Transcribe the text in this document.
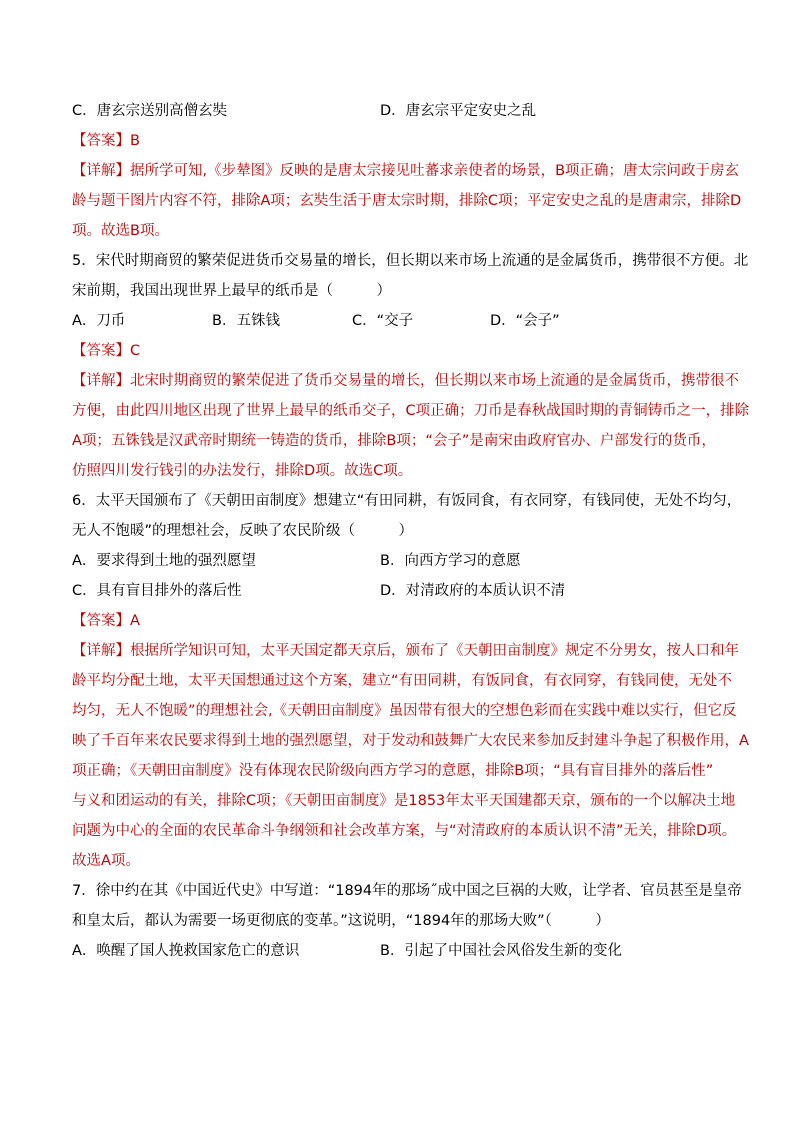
C．唐玄宗送别高僧玄奘	D．唐玄宗平定安史之乱
【答案】B
【详解】据所学可知,《步辇图》反映的是唐太宗接见吐蕃求亲使者的场景，B项正确；唐太宗问政于房玄
龄与题干图片内容不符，排除A项；玄奘生活于唐太宗时期，排除C项；平定安史之乱的是唐肃宗，排除D
项。故选B项。
5．宋代时期商贸的繁荣促进货币交易量的增长，但长期以来市场上流通的是金属货币，携带很不方便。北
宋前期，我国出现世界上最早的纸币是（　　　）
A．刀币	B．五铢钱	C．“交子	D．“会子”
【答案】C
【详解】北宋时期商贸的繁荣促进了货币交易量的增长，但长期以来市场上流通的是金属货币，携带很不
方便，由此四川地区出现了世界上最早的纸币交子，C项正确；刀币是春秋战国时期的青铜铸币之一，排除
A项；五铢钱是汉武帝时期统一铸造的货币，排除B项；“会子”是南宋由政府官办、户部发行的货币，
仿照四川发行钱引的办法发行，排除D项。故选C项。
6．太平天国颁布了《天朝田亩制度》想建立“有田同耕，有饭同食，有衣同穿，有钱同使，无处不均匀，
无人不饱暖”的理想社会，反映了农民阶级（　　　）
A．要求得到土地的强烈愿望	B．向西方学习的意愿
C．具有盲目排外的落后性	D．对清政府的本质认识不清
【答案】A
【详解】根据所学知识可知，太平天国定都天京后，颁布了《天朝田亩制度》规定不分男女，按人口和年
龄平均分配土地，太平天国想通过这个方案，建立“有田同耕，有饭同食，有衣同穿，有钱同使，无处不
均匀，无人不饱暖”的理想社会,《天朝田亩制度》虽因带有很大的空想色彩而在实践中难以实行，但它反
映了千百年来农民要求得到土地的强烈愿望，对于发动和鼓舞广大农民来参加反封建斗争起了积极作用，A
项正确；《天朝田亩制度》没有体现农民阶级向西方学习的意愿，排除B项；“具有盲目排外的落后性”
与义和团运动的有关，排除C项；《天朝田亩制度》是1853年太平天国建都天京，颁布的一个以解决土地
问题为中心的全面的农民革命斗争纲领和社会改革方案，与“对清政府的本质认识不清”无关，排除D项。
故选A项。
7．徐中约在其《中国近代史》中写道：“1894年的那场˝成中国之巨祸的大败，让学者、官员甚至是皇帝
和皇太后，都认为需要一场更彻底的变革。”这说明，“1894年的那场大败”（　　　）
A．唤醒了国人挽救国家危亡的意识	B．引起了中国社会风俗发生新的变化
